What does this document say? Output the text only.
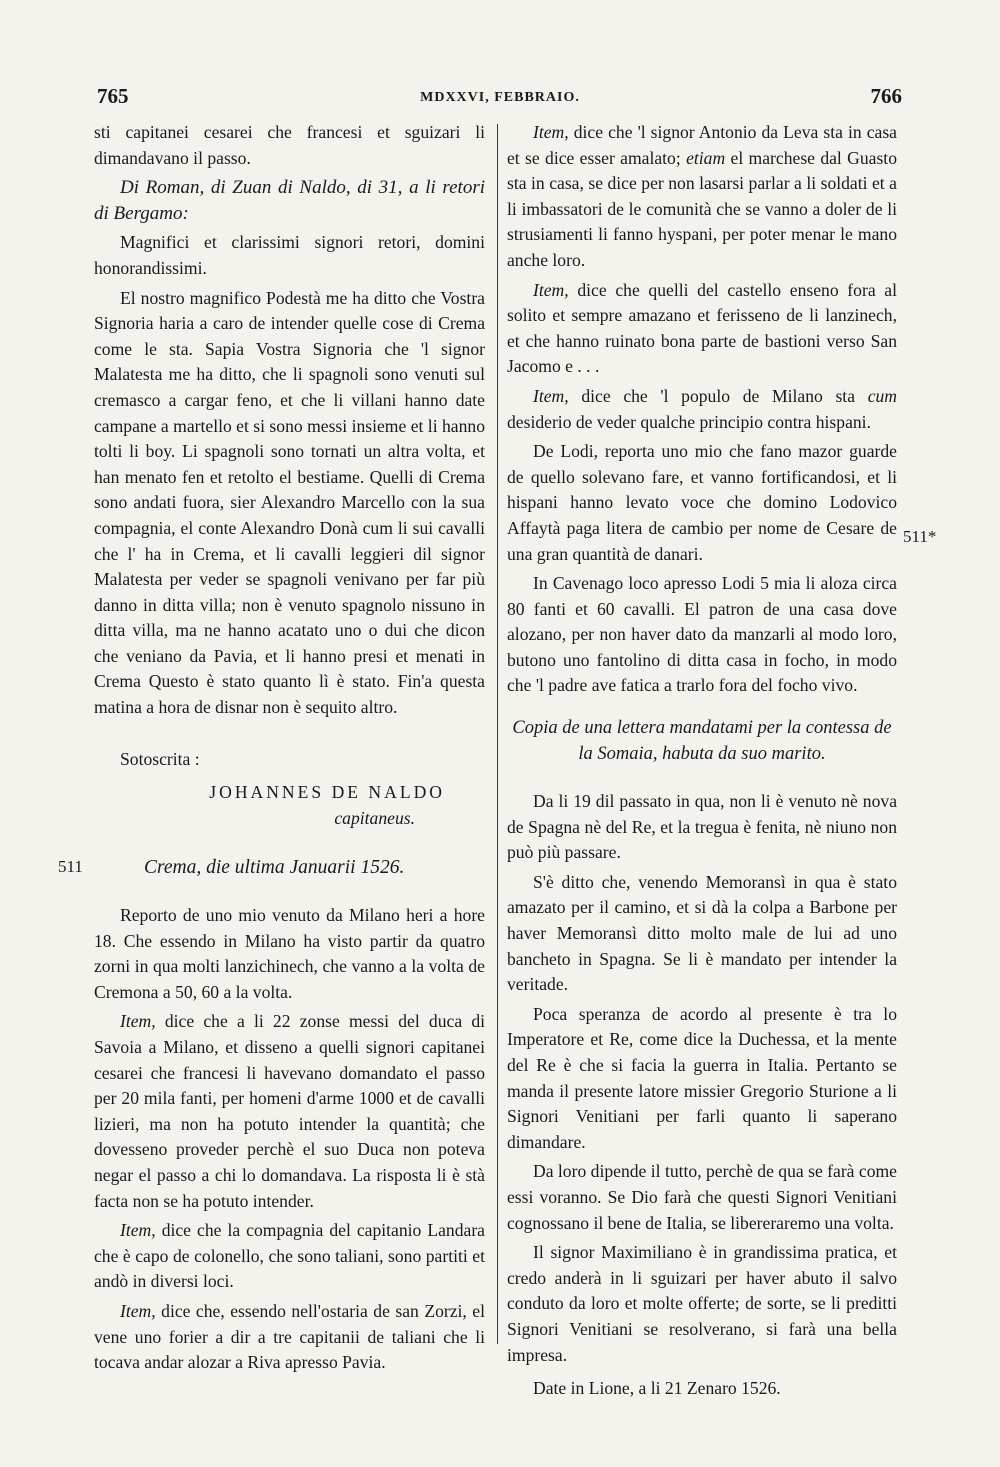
765	MDXXVI, FEBBRAIO.	766
511
511*

sti capitanei cesarei che francesi et sguizari li dimandavano il passo.

Di Roman, di Zuan di Naldo, di 31, a li retori di Bergamo:

Magnifici et clarissimi signori retori, domini honorandissimi.

El nostro magnifico Podestà me ha ditto che Vostra Signoria haria a caro de intender quelle cose di Crema come le sta. Sapia Vostra Signoria che 'l signor Malatesta me ha ditto, che li spagnoli sono venuti sul cremasco a cargar feno, et che li villani hanno date campane a martello et si sono messi insieme et li hanno tolti li boy. Li spagnoli sono tornati un altra volta, et han menato fen et retolto el bestiame. Quelli di Crema sono andati fuora, sier Alexandro Marcello con la sua compagnia, el conte Alexandro Donà cum li sui cavalli che l' ha in Crema, et li cavalli leggieri dil signor Malatesta per veder se spagnoli venivano per far più danno in ditta villa; non è venuto spagnolo nissuno in ditta villa, ma ne hanno acatato uno o dui che dicon che veniano da Pavia, et li hanno presi et menati in Crema Questo è stato quanto lì è stato. Fin'a questa matina a hora de disnar non è sequito altro.

Sotoscrita :

JOHANNES DE NALDO

capitaneus.

Crema, die ultima Januarii 1526.

Reporto de uno mio venuto da Milano heri a hore 18. Che essendo in Milano ha visto partir da quatro zorni in qua molti lanzichinech, che vanno a la volta de Cremona a 50, 60 a la volta.

Item, dice che a li 22 zonse messi del duca di Savoia a Milano, et disseno a quelli signori capitanei cesarei che francesi li havevano domandato el passo per 20 mila fanti, per homeni d'arme 1000 et de cavalli lizieri, ma non ha potuto intender la quantità; che dovesseno proveder perchè el suo Duca non poteva negar el passo a chi lo domandava. La risposta li è stà facta non se ha potuto intender.

Item, dice che la compagnia del capitanio Landara che è capo de colonello, che sono taliani, sono partiti et andò in diversi loci.

Item, dice che, essendo nell'ostaria de san Zorzi, el vene uno forier a dir a tre capitanii de taliani che li tocava andar alozar a Riva apresso Pavia.

Item, dice che 'l signor Antonio da Leva sta in casa et se dice esser amalato; etiam el marchese dal Guasto sta in casa, se dice per non lasarsi parlar a li soldati et a li imbassatori de le comunità che se vanno a doler de li strusiamenti li fanno hyspani, per poter menar le mano anche loro.

Item, dice che quelli del castello enseno fora al solito et sempre amazano et ferisseno de li lanzinech, et che hanno ruinato bona parte de bastioni verso San Jacomo e . . .

Item, dice che 'l populo de Milano sta cum desiderio de veder qualche principio contra hispani.

De Lodi, reporta uno mio che fano mazor guarde de quello solevano fare, et vanno fortificandosi, et li hispani hanno levato voce che domino Lodovico Affaytà paga litera de cambio per nome de Cesare de una gran quantità de danari.

In Cavenago loco apresso Lodi 5 mia li aloza circa 80 fanti et 60 cavalli. El patron de una casa dove alozano, per non haver dato da manzarli al modo loro, butono uno fantolino di ditta casa in fochο, in modo che 'l padre ave fatica a trarlo fora del focho vivo.

Copia de una lettera mandatami per la contessa de la Somaia, habuta da suo marito.

Da li 19 dil passato in qua, non li è venuto nè nova de Spagna nè del Re, et la tregua è fenita, nè niuno non può più passare.

S'è ditto che, venendo Memoransì in qua è stato amazato per il camino, et si dà la colpa a Barbone per haver Memoransì ditto molto male de lui ad uno bancheto in Spagna. Se li è mandato per intender la veritade.

Poca speranza de acordo al presente è tra lo Imperatore et Re, come dice la Duchessa, et la mente del Re è che si facia la guerra in Italia. Pertanto se manda il presente latore missier Gregorio Sturione a li Signori Venitiani per farli quanto li saperano dimandare.

Da loro dipende il tutto, perchè de qua se farà come essi voranno. Se Dio farà che questi Signori Venitiani cognossano il bene de Italia, se libereraremo una volta.

Il signor Maximiliano è in grandissima pratica, et credo anderà in li sguizari per haver abuto il salvo conduto da loro et molte offerte; de sorte, se li preditti Signori Venitiani se resolverano, si farà una bella impresa.

Date in Lione, a li 21 Zenaro 1526.
